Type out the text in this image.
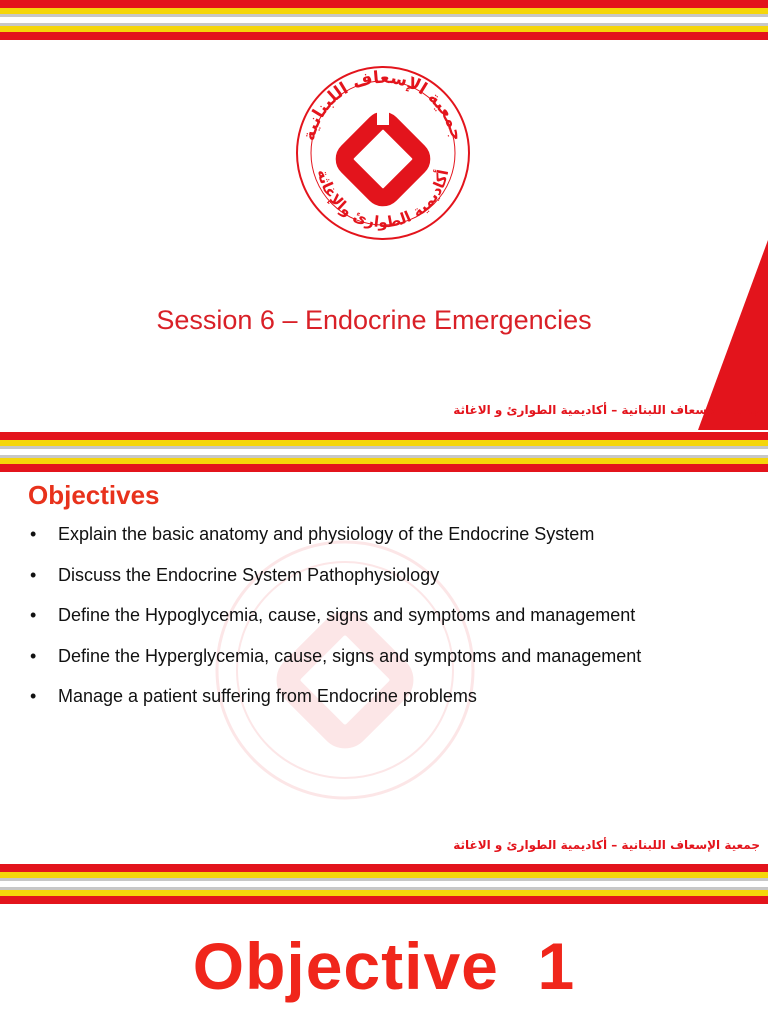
جمعية الإسعاف اللبنانية
أكاديمية الطوارئ والإغاثة
Session 6 – Endocrine Emergencies
جمعية الإسعاف اللبنانية – أكاديمية الطوارئ و الاغاثة
Objectives
• Explain the basic anatomy and physiology of the Endocrine System
• Discuss the Endocrine System Pathophysiology
• Define the Hypoglycemia, cause, signs and symptoms and management
• Define the Hyperglycemia, cause, signs and symptoms and management
• Manage a patient suffering from Endocrine problems
جمعية الإسعاف اللبنانية – أكاديمية الطوارئ و الاغاثة
Objective  1
